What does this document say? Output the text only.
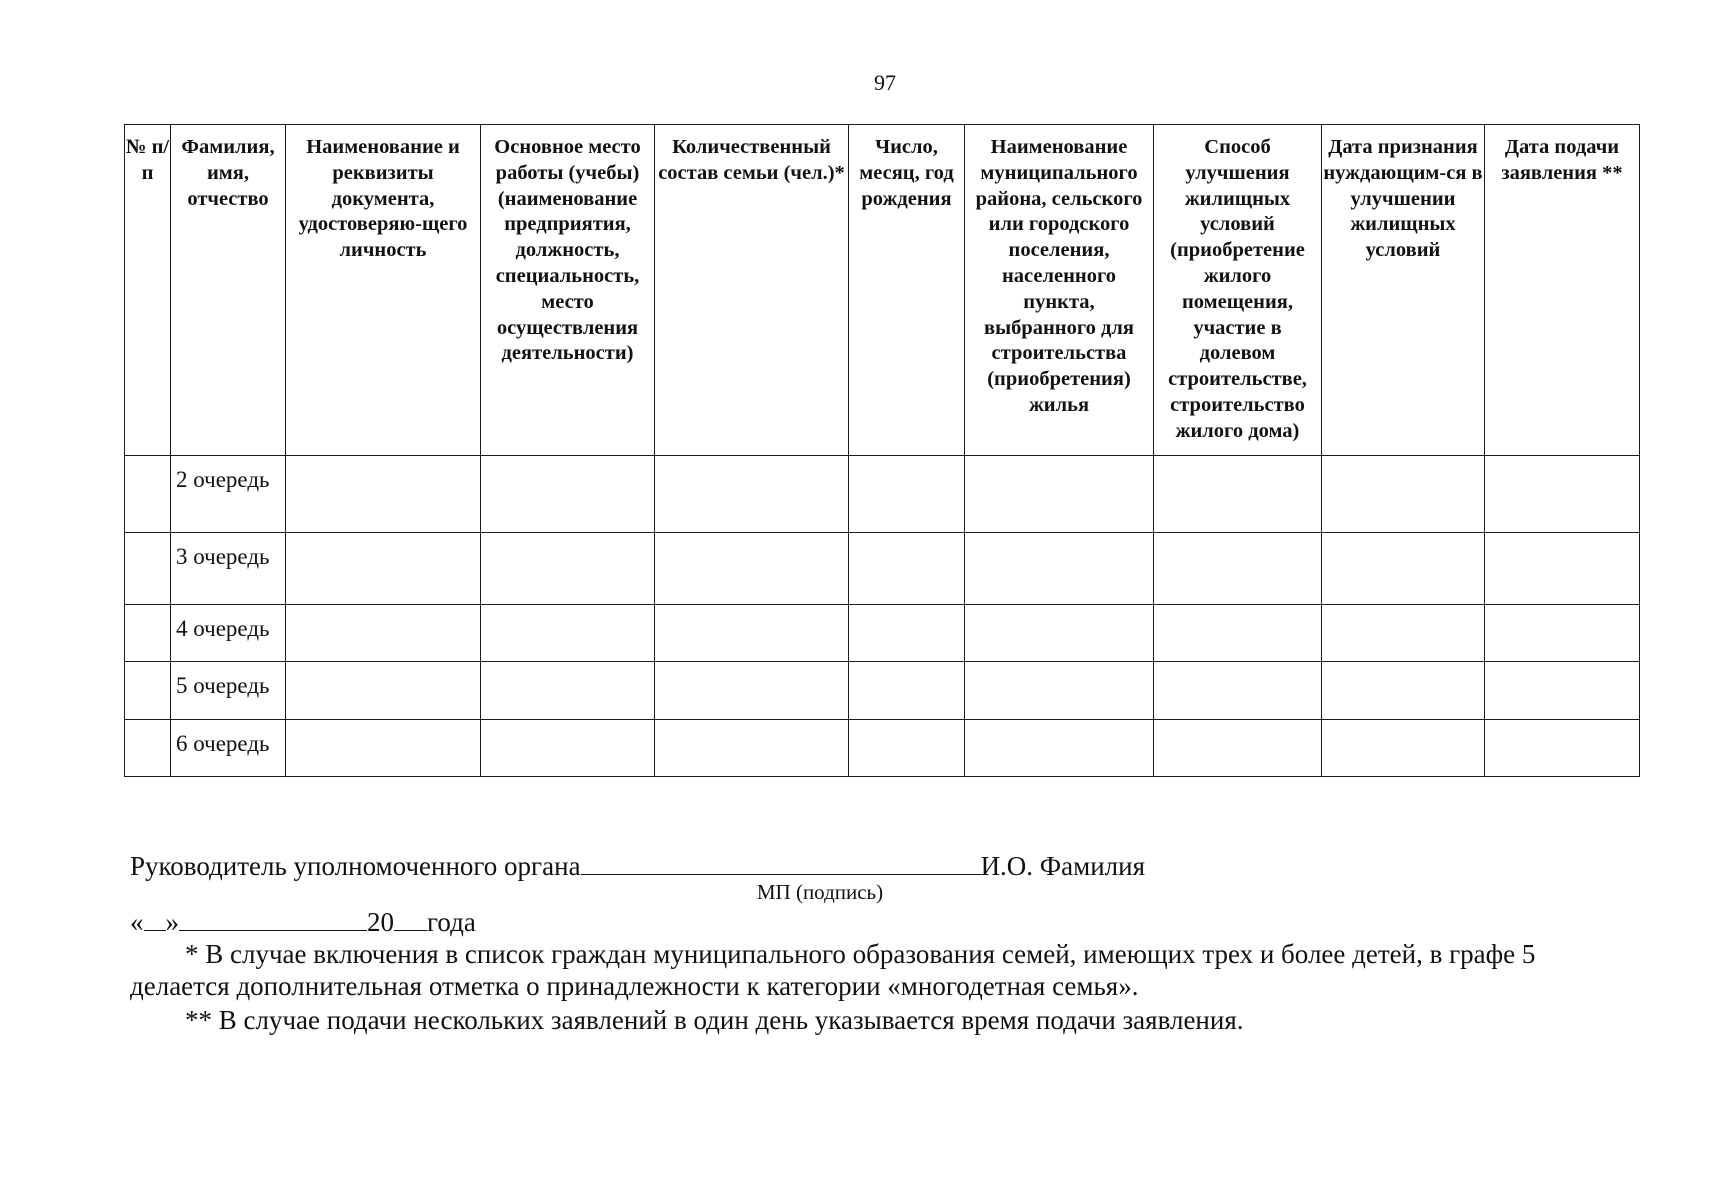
97
№ п/п	Фамилия, имя, отчество	Наименование и реквизиты документа, удостоверяю-щего личность	Основное место работы (учебы) (наименование предприятия, должность, специальность, место осуществления деятельности)	Количественный состав семьи (чел.)*	Число, месяц, год рождения	Наименование муниципального района, сельского или городского поселения, населенного пункта, выбранного для строительства (приобретения) жилья	Способ улучшения жилищных условий (приобретение жилого помещения, участие в долевом строительстве, строительство жилого дома)	Дата признания нуждающим-ся в улучшении жилищных условий	Дата подачи заявления **
	2 очередь								
	3 очередь								
	4 очередь								
	5 очередь								
	6 очередь								
Руководитель уполномоченного органа	И.О. Фамилия
МП (подпись)
« »	20 года
* В случае включения в список граждан муниципального образования семей, имеющих трех и более детей, в графе 5 делается дополнительная отметка о принадлежности к категории «многодетная семья».
** В случае подачи нескольких заявлений в один день указывается время подачи заявления.
